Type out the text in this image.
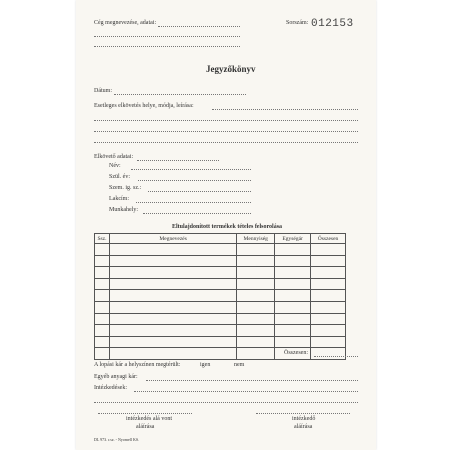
Cég megnevezése, adatai:	Sorszám: 012153
Jegyzőkönyv
Dátum:
Esetleges elkövetés helye, módja, leírása:
Elkövető adatai:
Név:
Szül. év:
Szem. ig. sz.:
Lakcím:
Munkahely:
Eltulajdonított termékek tételes felsorolása
Ssz.	Megnevezés	Mennyiség	Egységár	Összesen

Összesen:
A lopási kár a helyszínen megtérült:	igen	nem
Egyéb anyagi kár:
Intézkedések:
intézkedés alá vont
aláírása
intézkedő
aláírása
DL 973. r.sz. - Nyomell KS.
